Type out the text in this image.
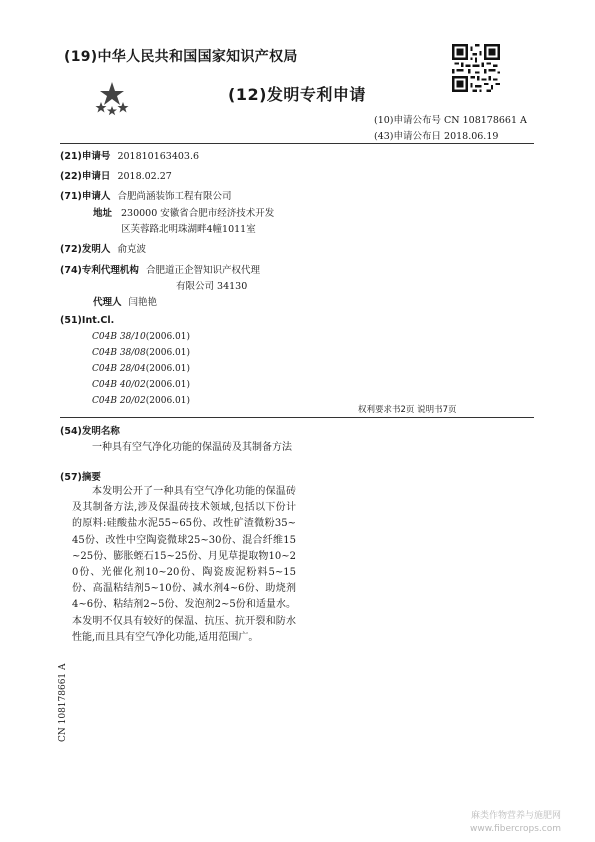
(19)中华人民共和国国家知识产权局
(12)发明专利申请
(10)申请公布号 CN 108178661 A
(43)申请公布日 2018.06.19
(21)申请号 201810163403.6
(22)申请日 2018.02.27
(71)申请人 合肥尚涵装饰工程有限公司
地址 230000 安徽省合肥市经济技术开发
区芙蓉路北明珠湖畔4幢1011室
(72)发明人 俞克波
(74)专利代理机构 合肥道正企智知识产权代理
有限公司 34130
代理人 闫艳艳
(51)Int.Cl.
C04B 38/10(2006.01)
C04B 38/08(2006.01)
C04B 28/04(2006.01)
C04B 40/02(2006.01)
C04B 20/02(2006.01)
权利要求书2页 说明书7页
(54)发明名称
一种具有空气净化功能的保温砖及其制备方法
(57)摘要
本发明公开了一种具有空气净化功能的保温砖及其制备方法,涉及保温砖技术领域,包括以下份计的原料:硅酸盐水泥55~65份、改性矿渣微粉35~45份、改性中空陶瓷微球25~30份、混合纤维15~25份、膨胀蛭石15~25份、月见草提取物10~20份、光催化剂10~20份、陶瓷废泥粉料5~15份、高温粘结剂5~10份、减水剂4~6份、助烧剂4~6份、粘结剂2~5份、发泡剂2~5份和适量水。本发明不仅具有较好的保温、抗压、抗开裂和防水性能,而且具有空气净化功能,适用范围广。
CN 108178661 A
麻类作物营养与施肥网
www.fibercrops.com
